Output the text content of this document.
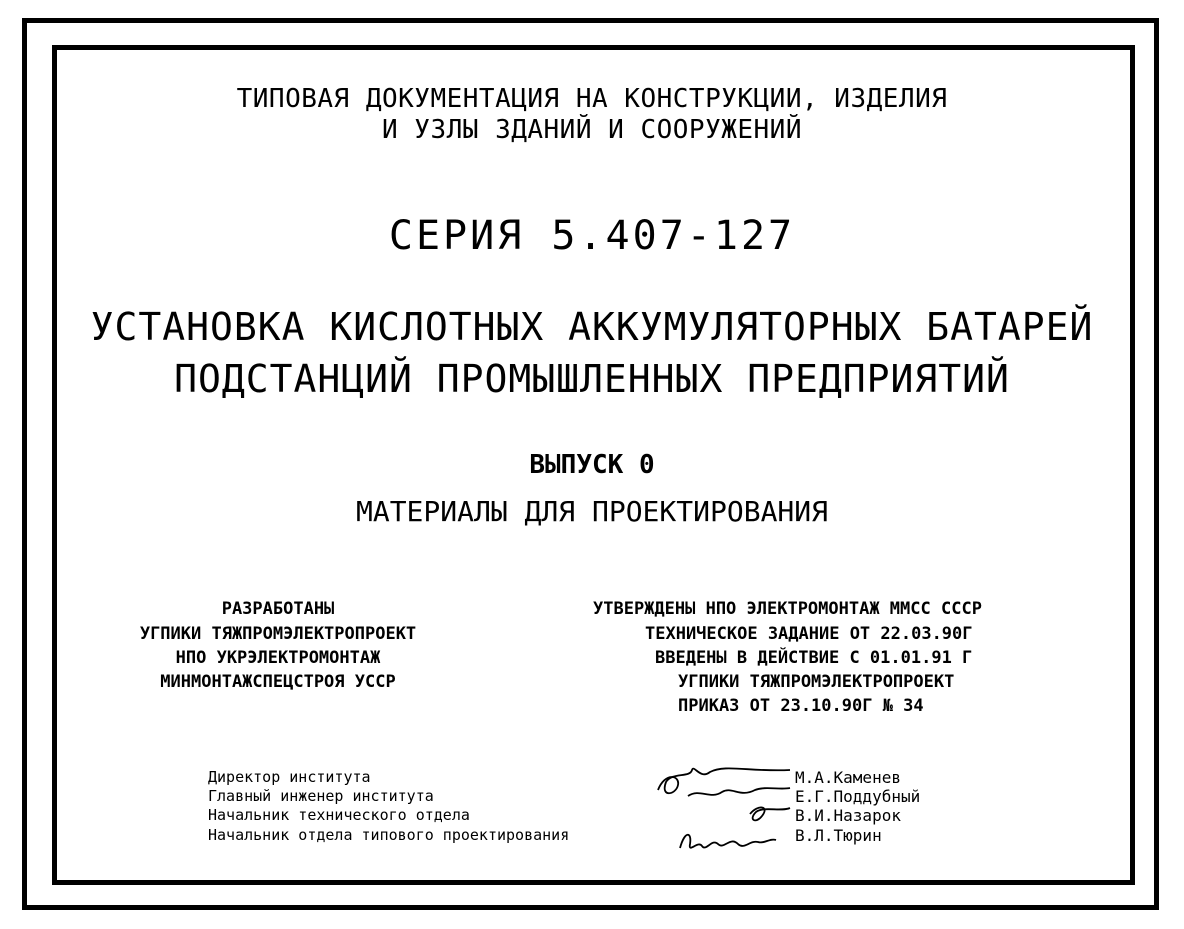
ТИПОВАЯ ДОКУМЕНТАЦИЯ НА КОНСТРУКЦИИ, ИЗДЕЛИЯ
И УЗЛЫ ЗДАНИЙ И СООРУЖЕНИЙ
СЕРИЯ 5.407-127
УСТАНОВКА КИСЛОТНЫХ АККУМУЛЯТОРНЫХ БАТАРЕЙ
ПОДСТАНЦИЙ ПРОМЫШЛЕННЫХ ПРЕДПРИЯТИЙ
ВЫПУСК 0
МАТЕРИАЛЫ ДЛЯ ПРОЕКТИРОВАНИЯ
РАЗРАБОТАНЫ
УГПИКИ ТЯЖПРОМЭЛЕКТРОПРОЕКТ
НПО УКРЭЛЕКТРОМОНТАЖ
МИНМОНТАЖСПЕЦСТРОЯ УССР
УТВЕРЖДЕНЫ НПО ЭЛЕКТРОМОНТАЖ ММСС СССР
ТЕХНИЧЕСКОЕ ЗАДАНИЕ ОТ 22.03.90Г
ВВЕДЕНЫ В ДЕЙСТВИЕ С 01.01.91 Г
УГПИКИ ТЯЖПРОМЭЛЕКТРОПРОЕКТ
ПРИКАЗ ОТ 23.10.90Г № 34
Директор института
Главный инженер института
Начальник технического отдела
Начальник отдела типового проектирования
М.А.Каменев
Е.Г.Поддубный
В.И.Назарок
В.Л.Тюрин
